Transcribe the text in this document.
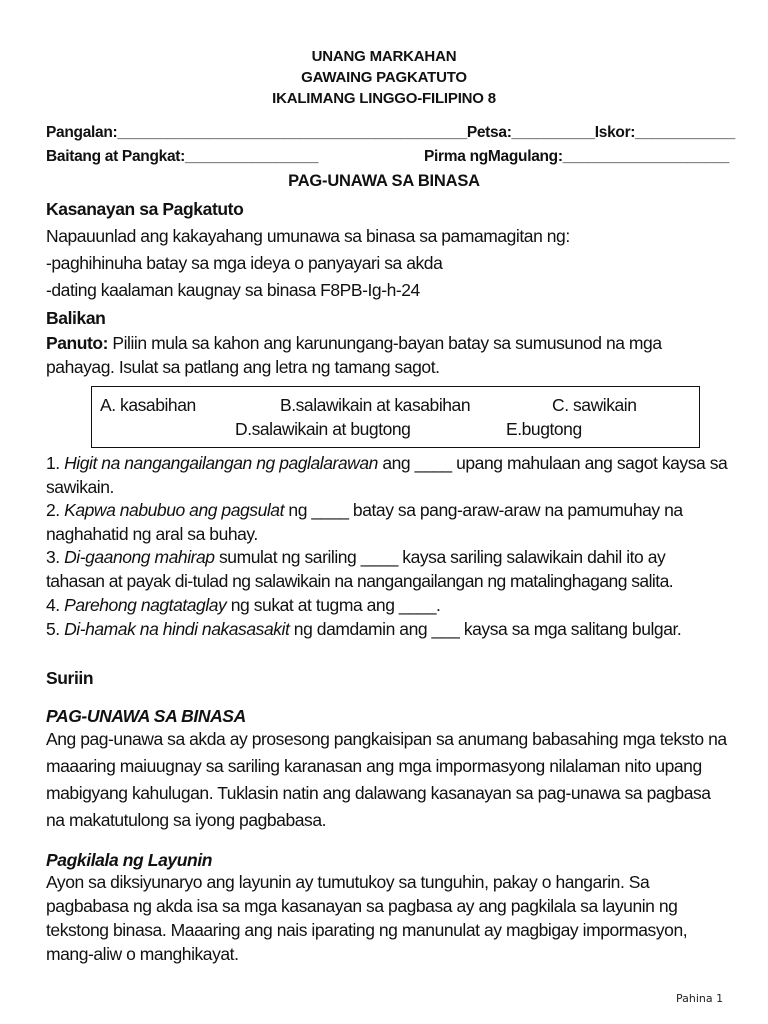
UNANG MARKAHAN
GAWAING PAGKATUTO
IKALIMANG LINGGO-FILIPINO 8
Pangalan:__________________________________________Petsa:__________Iskor:____________
Baitang at Pangkat:________________	Pirma ngMagulang:____________________
PAG-UNAWA SA BINASA
Kasanayan sa Pagkatuto
Napauunlad ang kakayahang umunawa sa binasa sa pamamagitan ng:
-paghihinuha batay sa mga ideya o panyayari sa akda
-dating kaalaman kaugnay sa binasa F8PB-Ig-h-24
Balikan
Panuto: Piliin mula sa kahon ang karunungang-bayan batay sa sumusunod na mga
pahayag. Isulat sa patlang ang letra ng tamang sagot.
A. kasabihan	B.salawikain at kasabihan	C. sawikain
D.salawikain at bugtong	E.bugtong
1. Higit na nangangailangan ng paglalarawan ang ____ upang mahulaan ang sagot kaysa sa
sawikain.
2. Kapwa nabubuo ang pagsulat ng ____ batay sa pang-araw-araw na pamumuhay na
naghahatid ng aral sa buhay.
3. Di-gaanong mahirap sumulat ng sariling ____ kaysa sariling salawikain dahil ito ay
tahasan at payak di-tulad ng salawikain na nangangailangan ng matalinghagang salita.
4. Parehong nagtataglay ng sukat at tugma ang ____.
5. Di-hamak na hindi nakasasakit ng damdamin ang ___ kaysa sa mga salitang bulgar.
Suriin
PAG-UNAWA SA BINASA
Ang pag-unawa sa akda ay prosesong pangkaisipan sa anumang babasahing mga teksto na
maaaring maiuugnay sa sariling karanasan ang mga impormasyong nilalaman nito upang
mabigyang kahulugan. Tuklasin natin ang dalawang kasanayan sa pag-unawa sa pagbasa
na makatutulong sa iyong pagbabasa.
Pagkilala ng Layunin
Ayon sa diksiyunaryo ang layunin ay tumutukoy sa tunguhin, pakay o hangarin. Sa
pagbabasa ng akda isa sa mga kasanayan sa pagbasa ay ang pagkilala sa layunin ng
tekstong binasa. Maaaring ang nais iparating ng manunulat ay magbigay impormasyon,
mang-aliw o manghikayat.
Pahina 1
